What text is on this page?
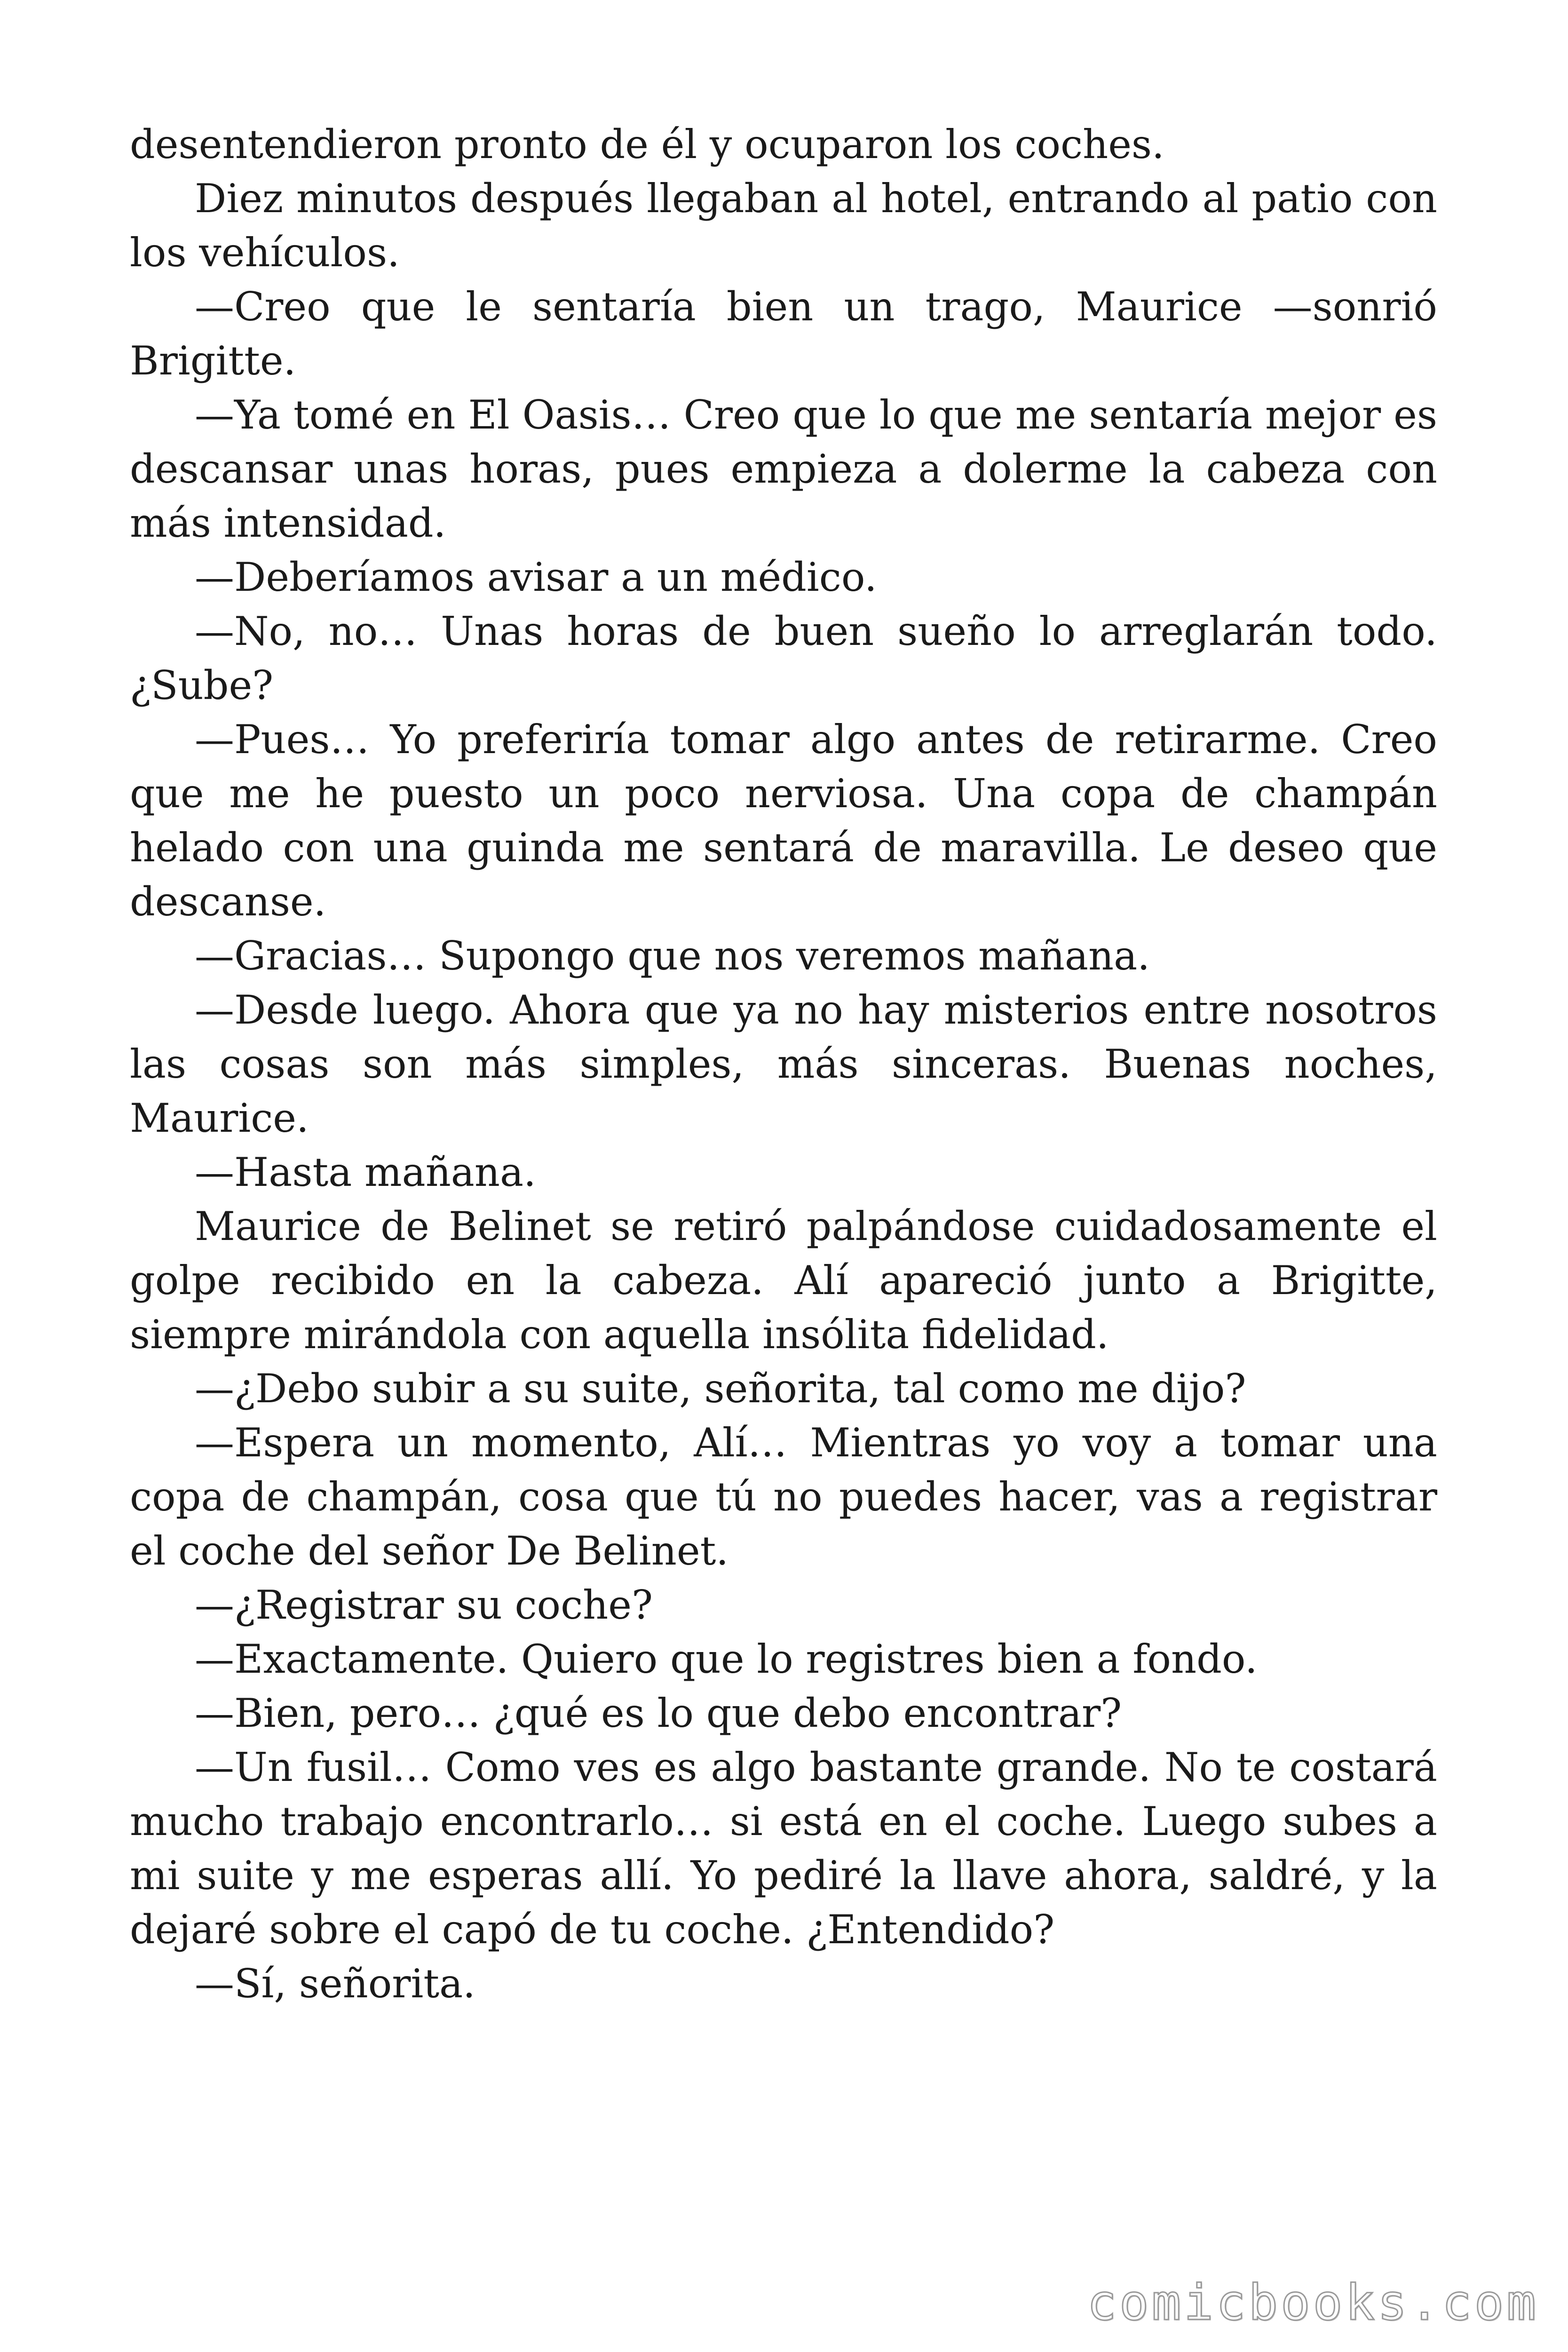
desentendieron pronto de él y ocuparon los coches.

Diez minutos después llegaban al hotel, entrando al patio con los vehículos.

—Creo que le sentaría bien un trago, Maurice —sonrió Brigitte.

—Ya tomé en El Oasis… Creo que lo que me sentaría mejor es descansar unas horas, pues empieza a dolerme la cabeza con más intensidad.

—Deberíamos avisar a un médico.

—No, no… Unas horas de buen sueño lo arreglarán todo. ¿Sube?

—Pues… Yo preferiría tomar algo antes de retirarme. Creo que me he puesto un poco nerviosa. Una copa de champán helado con una guinda me sentará de maravilla. Le deseo que descanse.

—Gracias… Supongo que nos veremos mañana.

—Desde luego. Ahora que ya no hay misterios entre nosotros las cosas son más simples, más sinceras. Buenas noches, Maurice.

—Hasta mañana.

Maurice de Belinet se retiró palpándose cuidadosamente el golpe recibido en la cabeza. Alí apareció junto a Brigitte, siempre mirándola con aquella insólita fidelidad.

—¿Debo subir a su suite, señorita, tal como me dijo?

—Espera un momento, Alí… Mientras yo voy a tomar una copa de champán, cosa que tú no puedes hacer, vas a registrar el coche del señor De Belinet.

—¿Registrar su coche?

—Exactamente. Quiero que lo registres bien a fondo.

—Bien, pero… ¿qué es lo que debo encontrar?

—Un fusil… Como ves es algo bastante grande. No te costará mucho trabajo encontrarlo… si está en el coche. Luego subes a mi suite y me esperas allí. Yo pediré la llave ahora, saldré, y la dejaré sobre el capó de tu coche. ¿Entendido?

—Sí, señorita.

comicbooks.com
